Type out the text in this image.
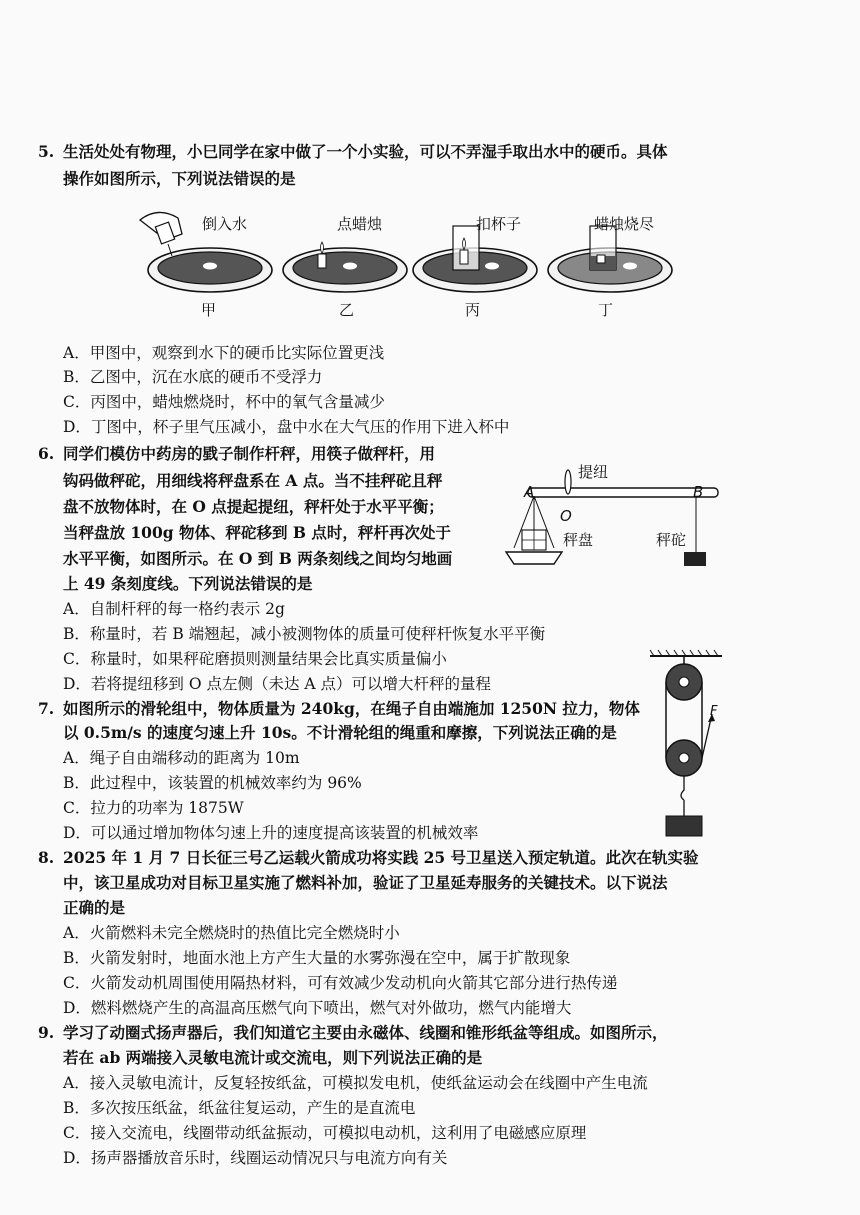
5. 生活处处有物理，小巳同学在家中做了一个小实验，可以不弄湿手取出水中的硬币。具体
操作如图所示，下列说法错误的是
倒入水	点蜡烛	扣杯子	蜡烛烧尽
甲	乙	丙	丁
A．甲图中，观察到水下的硬币比实际位置更浅
B．乙图中，沉在水底的硬币不受浮力
C．丙图中，蜡烛燃烧时，杯中的氧气含量减少
D．丁图中，杯子里气压减小，盘中水在大气压的作用下进入杯中
6. 同学们模仿中药房的戥子制作杆秤，用筷子做秤杆，用
钩码做秤砣，用细线将秤盘系在 A 点。当不挂秤砣且秤
盘不放物体时，在 O 点提起提纽，秤杆处于水平平衡；
当秤盘放 100g 物体、秤砣移到 B 点时，秤杆再次处于
水平平衡，如图所示。在 O 到 B 两条刻线之间均匀地画
上 49 条刻度线。下列说法错误的是
提纽
A
O
B
秤盘	秤砣
A．自制杆秤的每一格约表示 2g
B．称量时，若 B 端翘起，减小被测物体的质量可使秤杆恢复水平平衡
C．称量时，如果秤砣磨损则测量结果会比真实质量偏小
D．若将提纽移到 O 点左侧（未达 A 点）可以增大杆秤的量程
7. 如图所示的滑轮组中，物体质量为 240kg，在绳子自由端施加 1250N 拉力，物体
以 0.5m/s 的速度匀速上升 10s。不计滑轮组的绳重和摩擦，下列说法正确的是
F
A．绳子自由端移动的距离为 10m
B．此过程中，该装置的机械效率约为 96%
C．拉力的功率为 1875W
D．可以通过增加物体匀速上升的速度提高该装置的机械效率
8. 2025 年 1 月 7 日长征三号乙运载火箭成功将实践 25 号卫星送入预定轨道。此次在轨实验
中，该卫星成功对目标卫星实施了燃料补加，验证了卫星延寿服务的关键技术。以下说法
正确的是
A．火箭燃料未完全燃烧时的热值比完全燃烧时小
B．火箭发射时，地面水池上方产生大量的水雾弥漫在空中，属于扩散现象
C．火箭发动机周围使用隔热材料，可有效减少发动机向火箭其它部分进行热传递
D．燃料燃烧产生的高温高压燃气向下喷出，燃气对外做功，燃气内能增大
9. 学习了动圈式扬声器后，我们知道它主要由永磁体、线圈和锥形纸盆等组成。如图所示，
若在 ab 两端接入灵敏电流计或交流电，则下列说法正确的是
A．接入灵敏电流计，反复轻按纸盆，可模拟发电机，使纸盆运动会在线圈中产生电流
B．多次按压纸盆，纸盆往复运动，产生的是直流电
C．接入交流电，线圈带动纸盆振动，可模拟电动机，这利用了电磁感应原理
D．扬声器播放音乐时，线圈运动情况只与电流方向有关
